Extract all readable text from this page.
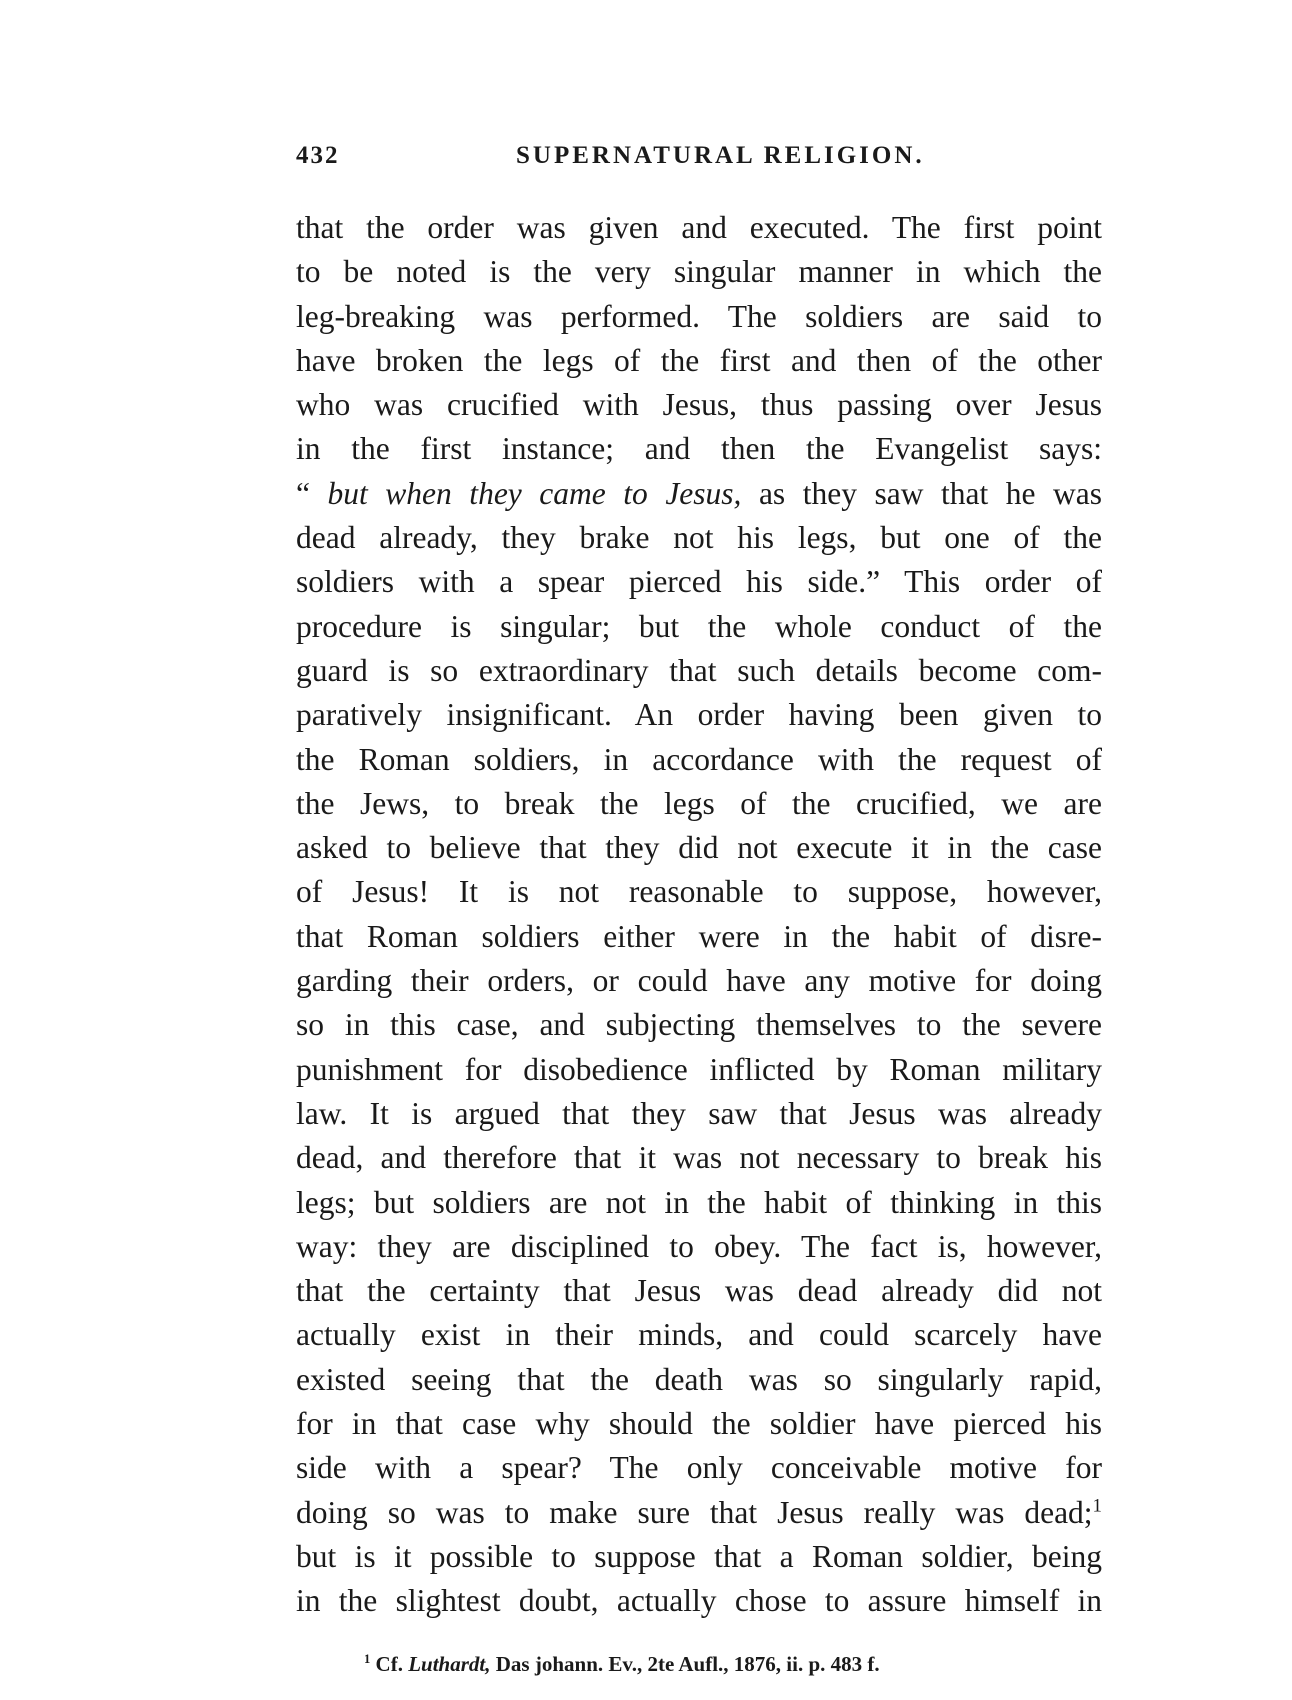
432	SUPERNATURAL RELIGION.
that the order was given and executed. The first point
to be noted is the very singular manner in which the
leg-breaking was performed. The soldiers are said to
have broken the legs of the first and then of the other
who was crucified with Jesus, thus passing over Jesus
in the first instance; and then the Evangelist says:
“ but when they came to Jesus, as they saw that he was
dead already, they brake not his legs, but one of the
soldiers with a spear pierced his side.” This order of
procedure is singular; but the whole conduct of the
guard is so extraordinary that such details become com-
paratively insignificant. An order having been given to
the Roman soldiers, in accordance with the request of
the Jews, to break the legs of the crucified, we are
asked to believe that they did not execute it in the case
of Jesus! It is not reasonable to suppose, however,
that Roman soldiers either were in the habit of disre-
garding their orders, or could have any motive for doing
so in this case, and subjecting themselves to the severe
punishment for disobedience inflicted by Roman military
law. It is argued that they saw that Jesus was already
dead, and therefore that it was not necessary to break his
legs; but soldiers are not in the habit of thinking in this
way: they are disciplined to obey. The fact is, however,
that the certainty that Jesus was dead already did not
actually exist in their minds, and could scarcely have
existed seeing that the death was so singularly rapid,
for in that case why should the soldier have pierced his
side with a spear? The only conceivable motive for
doing so was to make sure that Jesus really was dead;$^1$
but is it possible to suppose that a Roman soldier, being
in the slightest doubt, actually chose to assure himself in
$^1$ Cf. Luthardt, Das johann. Ev., 2te Aufl., 1876, ii. p. 483 f.
